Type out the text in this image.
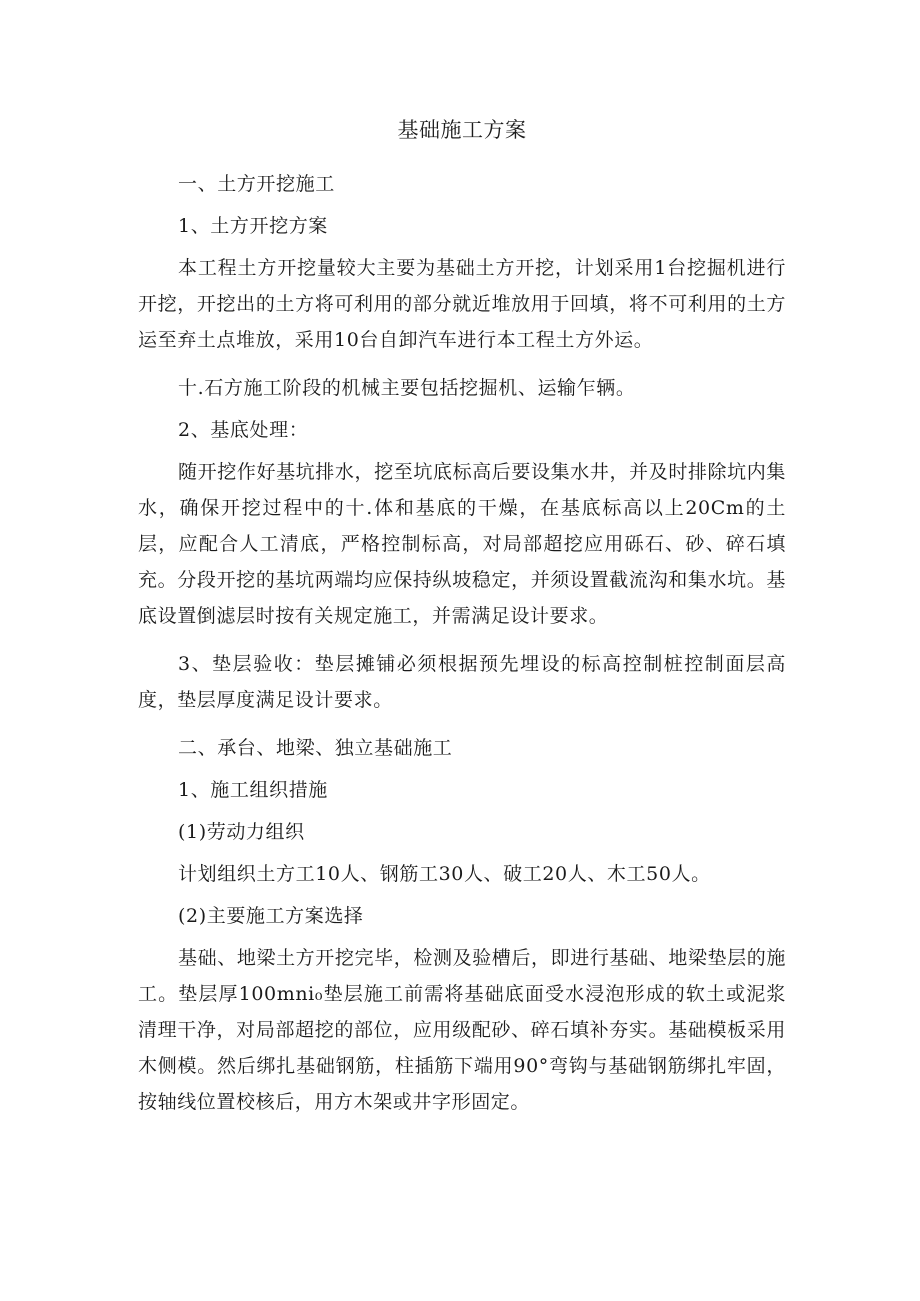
基础施工方案

一、土方开挖施工

1、土方开挖方案

本工程土方开挖量较大主要为基础土方开挖，计划采用1台挖掘机进行开挖，开挖出的土方将可利用的部分就近堆放用于回填，将不可利用的土方运至弃土点堆放，采用10台自卸汽车进行本工程土方外运。

十.石方施工阶段的机械主要包括挖掘机、运输乍辆。

2、基底处理：

随开挖作好基坑排水，挖至坑底标高后要设集水井，并及时排除坑内集水，确保开挖过程中的十.体和基底的干燥，在基底标高以上20Cm的土层，应配合人工清底，严格控制标高，对局部超挖应用砾石、砂、碎石填充。分段开挖的基坑两端均应保持纵坡稳定，并须设置截流沟和集水坑。基底设置倒滤层时按有关规定施工，并需满足设计要求。

3、垫层验收：垫层摊铺必须根据预先埋设的标高控制桩控制面层高度，垫层厚度满足设计要求。

二、承台、地梁、独立基础施工

1、施工组织措施

(1)劳动力组织

计划组织土方工10人、钢筋工30人、破工20人、木工50人。

(2)主要施工方案选择

基础、地梁土方开挖完毕，检测及验槽后，即进行基础、地梁垫层的施工。垫层厚100mni₀垫层施工前需将基础底面受水浸泡形成的软土或泥浆清理干净，对局部超挖的部位，应用级配砂、碎石填补夯实。基础模板采用木侧模。然后绑扎基础钢筋，柱插筋下端用90°弯钩与基础钢筋绑扎牢固，按轴线位置校核后，用方木架或井字形固定。
